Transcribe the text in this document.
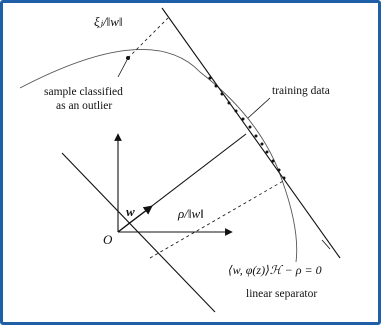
ξⱼ/‖w‖
sample classified
as an outlier
training data
w	ρ/‖w‖
O
⟨w, φ(z)⟩ℋ − ρ = 0
linear separator
